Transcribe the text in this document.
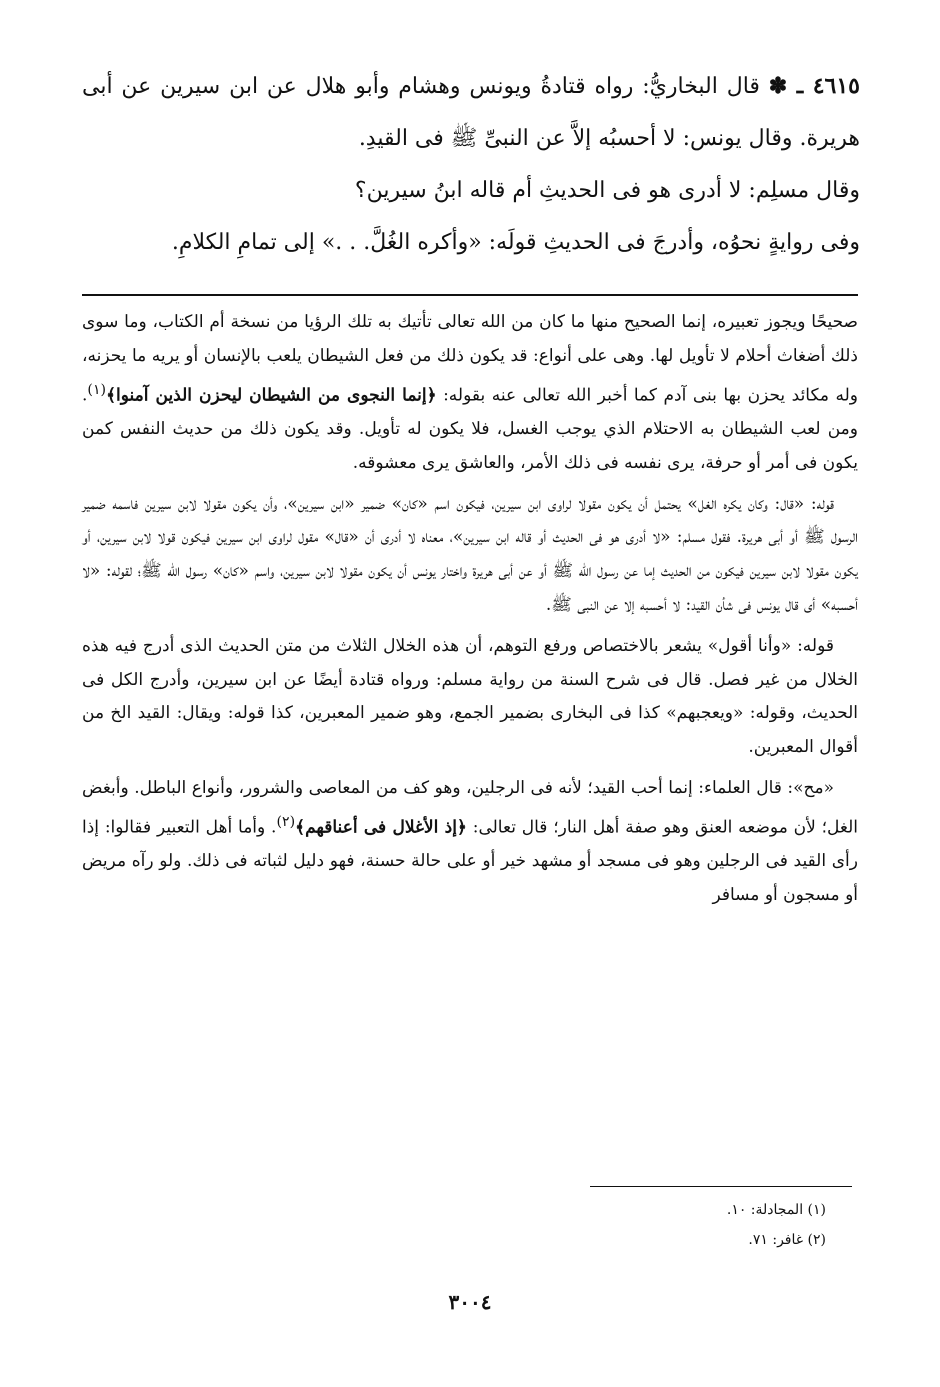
٤٦١٥ ـ ✽ قال البخاريُّ: رواه قتادةُ ويونس وهشام وأبو هلال عن ابن سيرين عن أبى هريرة. وقال يونس: لا أحسبُه إلاَّ عن النبىِّ ﷺ فى القيدِ.

وقال مسلِم: لا أدرى هو فى الحديثِ أم قاله ابنُ سيرين؟

وفى روايةٍ نحوُه، وأدرجَ فى الحديثِ قولَه: «وأكره الغُلَّ. . .» إلى تمامِ الكلامِ.

صحيحًا ويجوز تعبيره، إنما الصحيح منها ما كان من الله تعالى تأتيك به تلك الرؤيا من نسخة أم الكتاب، وما سوى ذلك أضغاث أحلام لا تأويل لها. وهى على أنواع: قد يكون ذلك من فعل الشيطان يلعب بالإنسان أو يريه ما يحزنه، وله مكائد يحزن بها بنى آدم كما أخبر الله تعالى عنه بقوله: ﴿إنما النجوى من الشيطان ليحزن الذين آمنوا﴾$^{(١)}$. ومن لعب الشيطان به الاحتلام الذي يوجب الغسل، فلا يكون له تأويل. وقد يكون ذلك من حديث النفس كمن يكون فى أمر أو حرفة، يرى نفسه فى ذلك الأمر، والعاشق يرى معشوقه.

قوله: «قال: وكان يكره الغل» يحتمل أن يكون مقولا لراوى ابن سيرين، فيكون اسم «كان» ضمير «ابن سيرين»، وأن يكون مقولا لابن سيرين فاسمه ضمير الرسول ﷺ أو أبى هريرة. فقول مسلم: «لا أدرى هو فى الحديث أو قاله ابن سيرين»، معناه لا أدرى أن «قال» مقول لراوى ابن سيرين فيكون قولا لابن سيرين، أو يكون مقولا لابن سيرين فيكون من الحديث إما عن رسول الله ﷺ أو عن أبى هريرة واختار يونس أن يكون مقولا لابن سيرين، واسم «كان» رسول الله ﷺ؛ لقوله: «لا أحسبه» أى قال يونس فى شأن القيد: لا أحسبه إلا عن النبى ﷺ.

قوله: «وأنا أقول» يشعر بالاختصاص ورفع التوهم، أن هذه الخلال الثلاث من متن الحديث الذى أدرج فيه هذه الخلال من غير فصل. قال فى شرح السنة من رواية مسلم: ورواه قتادة أيضًا عن ابن سيرين، وأدرج الكل فى الحديث، وقوله: «ويعجبهم» كذا فى البخارى بضمير الجمع، وهو ضمير المعبرين، كذا قوله: ويقال: القيد الخ من أقوال المعبرين.

«مح»: قال العلماء: إنما أحب القيد؛ لأنه فى الرجلين، وهو كف من المعاصى والشرور، وأنواع الباطل. وأبغض الغل؛ لأن موضعه العنق وهو صفة أهل النار؛ قال تعالى: ﴿إذ الأغلال فى أعناقهم﴾$^{(٢)}$. وأما أهل التعبير فقالوا: إذا رأى القيد فى الرجلين وهو فى مسجد أو مشهد خير أو على حالة حسنة، فهو دليل لثباته فى ذلك. ولو رآه مريض أو مسجون أو مسافر

(١) المجادلة: ١٠.
(٢) غافر: ٧١.
٣٠٠٤
